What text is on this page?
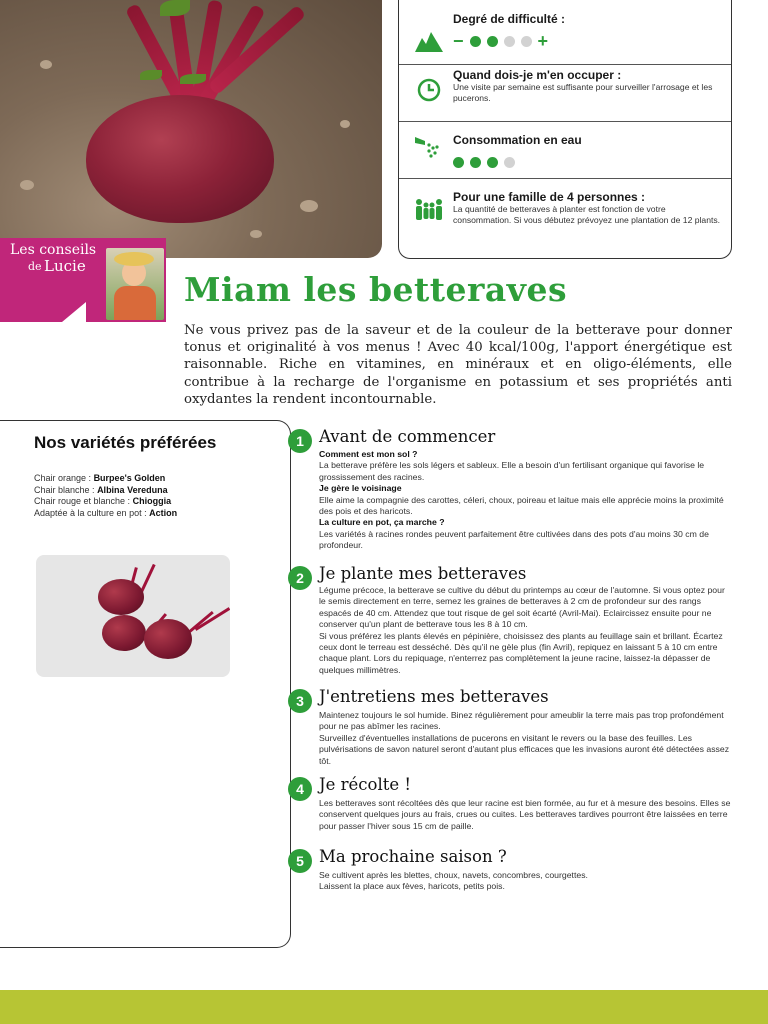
Degré de difficulté :
−	+
Quand dois-je m'en occuper :
Une visite par semaine est suffisante pour surveiller l'arrosage et les pucerons.
Consommation en eau
Pour une famille de 4 personnes :
La quantité de betteraves à planter est fonction de votre consommation. Si vous débutez prévoyez une plantation de 12 plants.
Les conseils
de Lucie
Miam les betteraves

Ne vous privez pas de la saveur et de la couleur de la betterave pour donner tonus et originalité à vos menus ! Avec 40 kcal/100g, l'apport énergétique est raisonnable. Riche en vitamines, en minéraux et en oligo-éléments, elle contribue à la recharge de l'organisme en potassium et ses propriétés anti oxydantes la rendent incontournable.

Nos variétés préférées
Chair orange : Burpee's Golden
Chair blanche : Albina Vereduna
Chair rouge et blanche : Chioggia
Adaptée à la culture en pot : Action
1 Avant de commencer
Comment est mon sol ?
La betterave préfère les sols légers et sableux. Elle a besoin d'un fertilisant organique qui favorise le grossissement des racines.
Je gère le voisinage
Elle aime la compagnie des carottes, céleri, choux, poireau et laitue mais elle apprécie moins la proximité des pois et des haricots.
La culture en pot, ça marche ?
Les variétés à racines rondes peuvent parfaitement être cultivées dans des pots d'au moins 30 cm de profondeur.
2 Je plante mes betteraves
Légume précoce, la betterave se cultive du début du printemps au cœur de l'automne. Si vous optez pour le semis directement en terre, semez les graines de betteraves à 2 cm de profondeur sur des rangs espacés de 40 cm. Attendez que tout risque de gel soit écarté (Avril-Mai). Eclaircissez ensuite pour ne conserver qu'un plant de betterave tous les 8 à 10 cm.
Si vous préférez les plants élevés en pépinière, choisissez des plants au feuillage sain et brillant. Écartez ceux dont le terreau est desséché. Dès qu'il ne gèle plus (fin Avril), repiquez en laissant 5 à 10 cm entre chaque plant. Lors du repiquage, n'enterrez pas complètement la jeune racine, laissez-la dépasser de quelques millimètres.
3 J'entretiens mes betteraves
Maintenez toujours le sol humide. Binez régulièrement pour ameublir la terre mais pas trop profondément pour ne pas abîmer les racines.
Surveillez d'éventuelles installations de pucerons en visitant le revers ou la base des feuilles. Les pulvérisations de savon naturel seront d'autant plus efficaces que les invasions auront été détectées assez tôt.
4 Je récolte !
Les betteraves sont récoltées dès que leur racine est bien formée, au fur et à mesure des besoins. Elles se conservent quelques jours au frais, crues ou cuites. Les betteraves tardives pourront être laissées en terre pour passer l'hiver sous 15 cm de paille.
5 Ma prochaine saison ?
Se cultivent après les blettes, choux, navets, concombres, courgettes.
Laissent la place aux fèves, haricots, petits pois.
